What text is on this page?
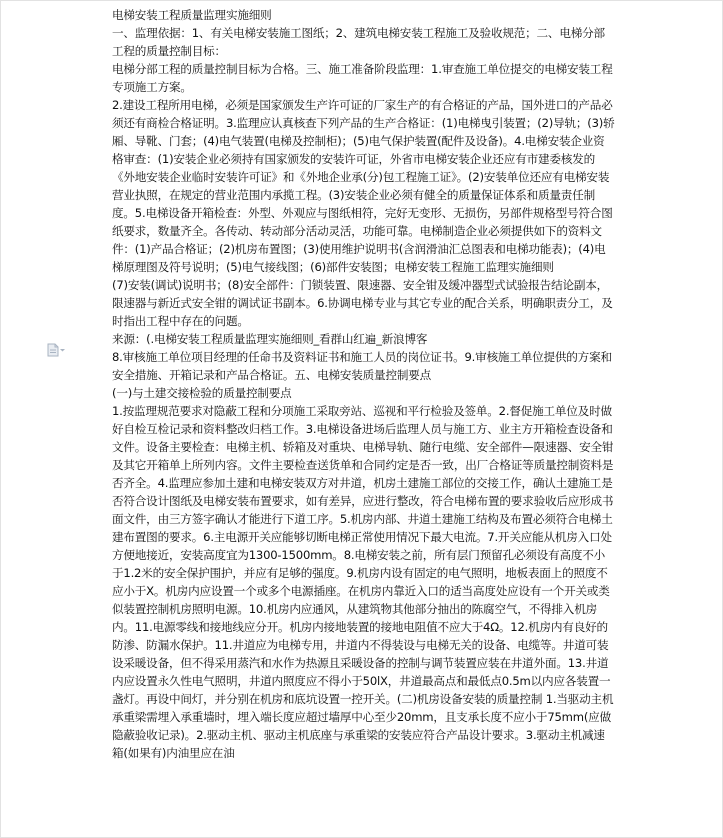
电梯安装工程质量监理实施细则

一、监理依据：1、有关电梯安装施工图纸；2、建筑电梯安装工程施工及验收规范；二、电梯分部工程的质量控制目标：

电梯分部工程的质量控制目标为合格。三、施工准备阶段监理：1.审查施工单位提交的电梯安装工程专项施工方案。

2.建设工程所用电梯，必须是国家颁发生产许可证的厂家生产的有合格证的产品，国外进口的产品必须还有商检合格证明。3.监理应认真核查下列产品的生产合格证：(1)电梯曳引装置；(2)导轨；(3)轿厢、导靴、门套；(4)电气装置(电梯及控制柜)；(5)电气保护装置(配件及设备)。4.电梯安装企业资格审查：(1)安装企业必须持有国家颁发的安装许可证，外省市电梯安装企业还应有市建委核发的《外地安装企业临时安装许可证》和《外地企业承(分)包工程施工证》。(2)安装单位还应有电梯安装营业执照，在规定的营业范围内承揽工程。(3)安装企业必须有健全的质量保证体系和质量责任制度。5.电梯设备开箱检查：外型、外观应与图纸相符，完好无变形、无损伤，另部件规格型号符合图纸要求，数量齐全。各传动、转动部分活动灵活，功能可靠。电梯制造企业必须提供如下的资料文件：(1)产品合格证；(2)机房布置图；(3)使用维护说明书(含润滑油汇总图表和电梯功能表)；(4)电梯原理图及符号说明；(5)电气接线图；(6)部件安装图；电梯安装工程施工监理实施细则

(7)安装(调试)说明书；(8)安全部件：门锁装置、限速器、安全钳及缓冲器型式试验报告结论副本，限速器与新近式安全钳的调试证书副本。6.协调电梯专业与其它专业的配合关系，明确职责分工，及时指出工程中存在的问题。

来源：(.电梯安装工程质量监理实施细则_看群山红遍_新浪博客

8.审核施工单位项目经理的任命书及资料证书和施工人员的岗位证书。9.审核施工单位提供的方案和安全措施、开箱记录和产品合格证。五、电梯安装质量控制要点

(一)与土建交接检验的质量控制要点

1.按监理规范要求对隐蔽工程和分项施工采取旁站、巡视和平行检验及签单。2.督促施工单位及时做好自检互检记录和资料整改归档工作。3.电梯设备进场后监理人员与施工方、业主方开箱检查设备和文件。设备主要检查：电梯主机、轿箱及对重块、电梯导轨、随行电缆、安全部件—限速器、安全钳及其它开箱单上所列内容。文件主要检查送货单和合同约定是否一致，出厂合格证等质量控制资料是否齐全。4.监理应参加土建和电梯安装双方对井道，机房土建施工部位的交接工作，确认土建施工是否符合设计图纸及电梯安装布置要求，如有差异，应进行整改，符合电梯布置的要求验收后应形成书面文件，由三方签字确认才能进行下道工序。5.机房内部、井道土建施工结构及布置必须符合电梯土建布置图的要求。6.主电源开关应能够切断电梯正常使用情况下最大电流。7.开关应能从机房入口处方便地接近，安装高度宜为1300-1500mm。8.电梯安装之前，所有层门预留孔必须设有高度不小于1.2米的安全保护围护，并应有足够的强度。9.机房内设有固定的电气照明，地板表面上的照度不应小于X。机房内应设置一个或多个电源插座。在机房内靠近入口的适当高度处应设有一个开关或类似装置控制机房照明电源。10.机房内应通风，从建筑物其他部分抽出的陈腐空气，不得排入机房内。11.电源零线和接地线应分开。机房内接地装置的接地电阻值不应大于4Ω。12.机房内有良好的防渗、防漏水保护。11.井道应为电梯专用，井道内不得装设与电梯无关的设备、电缆等。井道可装设采暖设备，但不得采用蒸汽和水作为热源且采暖设备的控制与调节装置应装在井道外面。13.井道内应设置永久性电气照明，井道内照度应不得小于50lX，井道最高点和最低点0.5m以内应各装置一盏灯。再设中间灯，并分别在机房和底坑设置一控开关。(二)机房设备安装的质量控制 1.当驱动主机承重梁需埋入承重墙时，埋入端长度应超过墙厚中心至少20mm，且支承长度不应小于75mm(应做隐蔽验收记录)。2.驱动主机、驱动主机底座与承重梁的安装应符合产品设计要求。3.驱动主机减速箱(如果有)内油里应在油
